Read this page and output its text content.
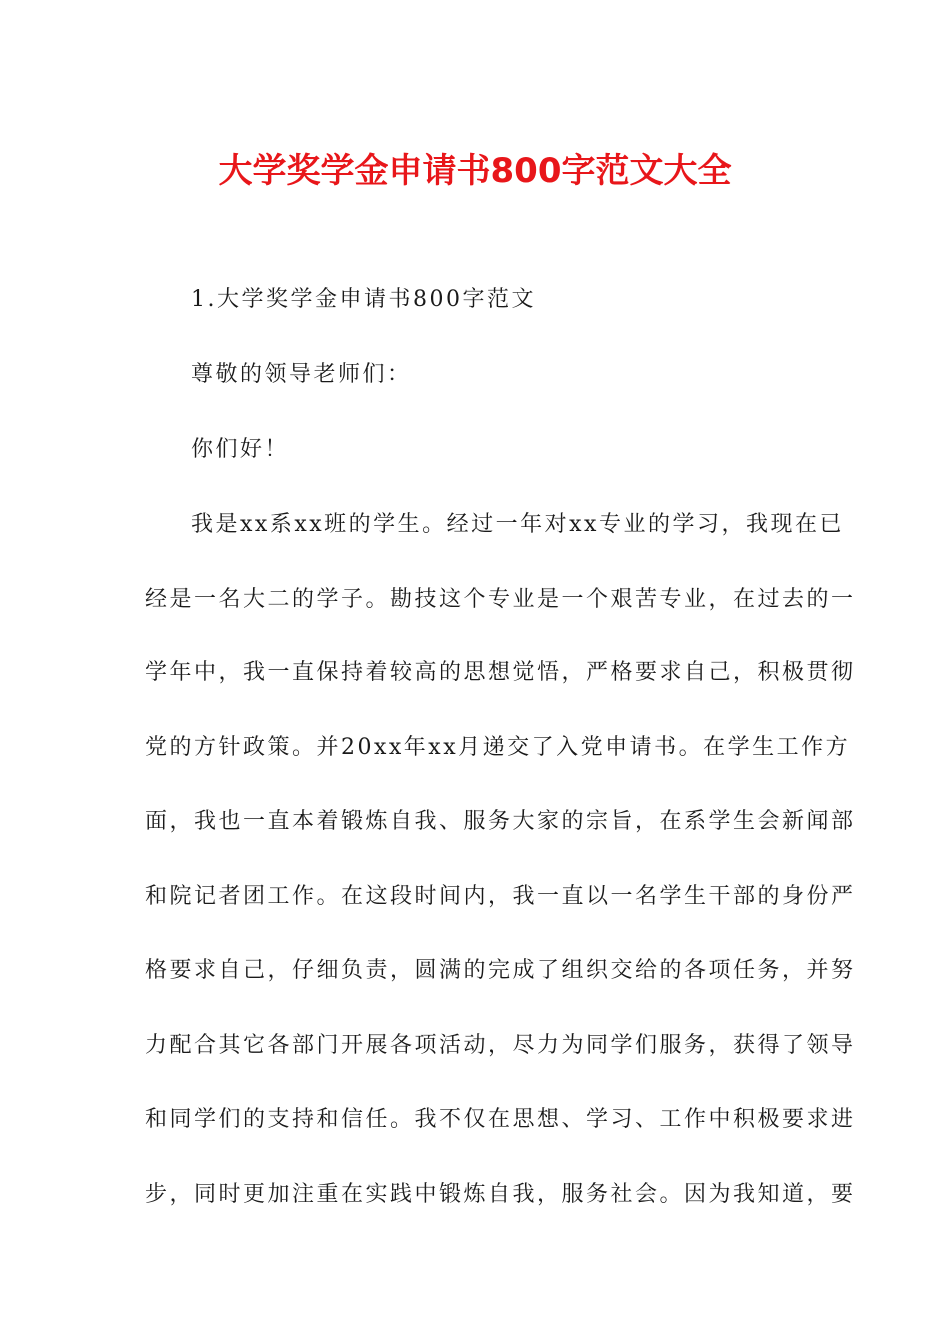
大学奖学金申请书800字范文大全
1.大学奖学金申请书800字范文
尊敬的领导老师们：
你们好！
我是xx系xx班的学生。经过一年对xx专业的学习，我现在已
经是一名大二的学子。勘技这个专业是一个艰苦专业，在过去的一
学年中，我一直保持着较高的思想觉悟，严格要求自己，积极贯彻
党的方针政策。并20xx年xx月递交了入党申请书。在学生工作方
面，我也一直本着锻炼自我、服务大家的宗旨，在系学生会新闻部
和院记者团工作。在这段时间内，我一直以一名学生干部的身份严
格要求自己，仔细负责，圆满的完成了组织交给的各项任务，并努
力配合其它各部门开展各项活动，尽力为同学们服务，获得了领导
和同学们的支持和信任。我不仅在思想、学习、工作中积极要求进
步，同时更加注重在实践中锻炼自我，服务社会。因为我知道，要
